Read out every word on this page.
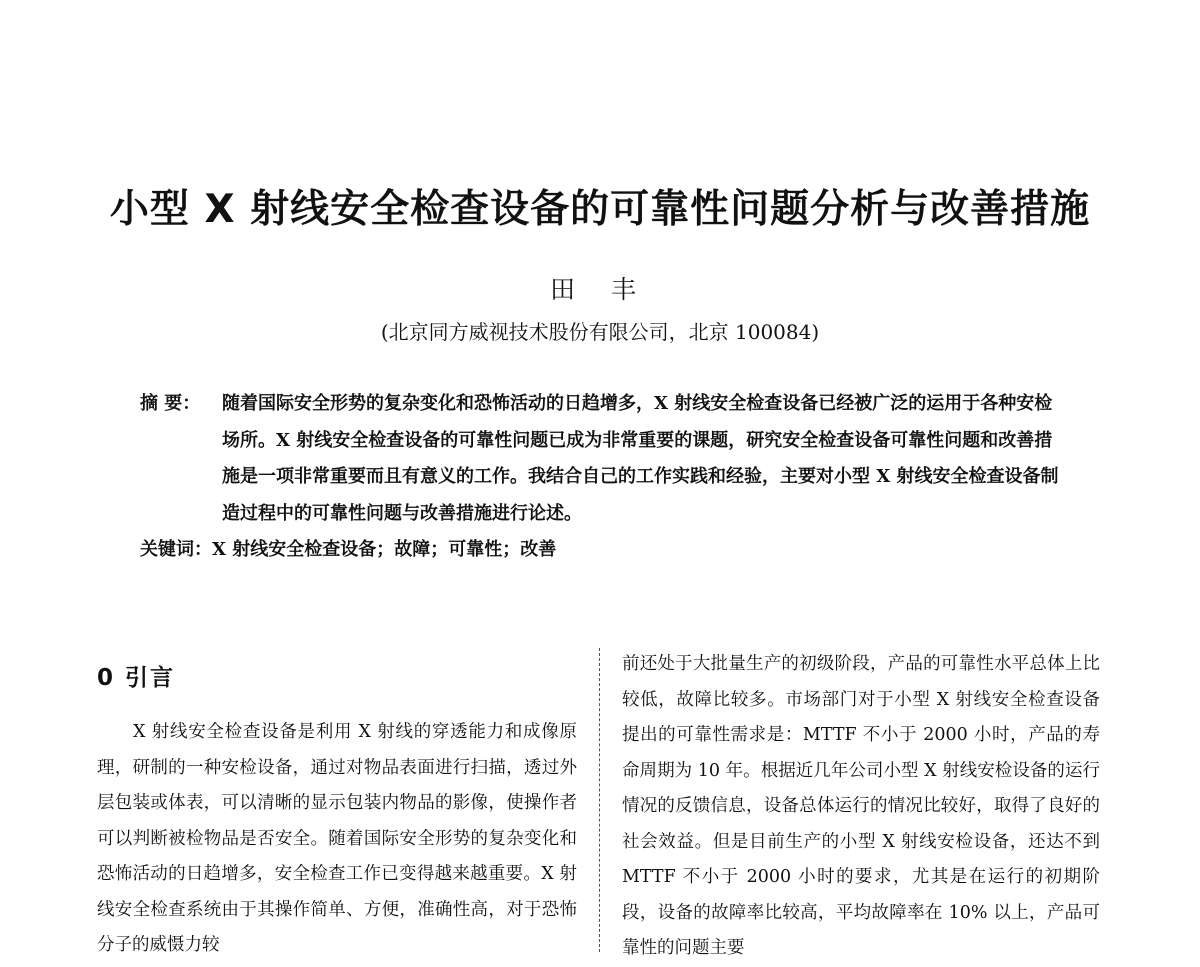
小型 X 射线安全检查设备的可靠性问题分析与改善措施
田 丰
(北京同方威视技术股份有限公司，北京 100084)
摘 要：	随着国际安全形势的复杂变化和恐怖活动的日趋增多，X 射线安全检查设备已经被广泛的运用于各种安检场所。X 射线安全检查设备的可靠性问题已成为非常重要的课题，研究安全检查设备可靠性问题和改善措施是一项非常重要而且有意义的工作。我结合自己的工作实践和经验，主要对小型 X 射线安全检查设备制造过程中的可靠性问题与改善措施进行论述。
关键词： X 射线安全检查设备；故障；可靠性；改善
0 引言

X 射线安全检查设备是利用 X 射线的穿透能力和成像原理，研制的一种安检设备，通过对物品表面进行扫描，透过外层包装或体表，可以清晰的显示包装内物品的影像，使操作者可以判断被检物品是否安全。随着国际安全形势的复杂变化和恐怖活动的日趋增多，安全检查工作已变得越来越重要。X 射线安全检查系统由于其操作简单、方便，准确性高，对于恐怖分子的威慑力较

前还处于大批量生产的初级阶段，产品的可靠性水平总体上比较低，故障比较多。市场部门对于小型 X 射线安全检查设备提出的可靠性需求是：MTTF 不小于 2000 小时，产品的寿命周期为 10 年。根据近几年公司小型 X 射线安检设备的运行情况的反馈信息，设备总体运行的情况比较好，取得了良好的社会效益。但是目前生产的小型 X 射线安检设备，还达不到 MTTF 不小于 2000 小时的要求，尤其是在运行的初期阶段，设备的故障率比较高，平均故障率在 10% 以上，产品可靠性的问题主要
